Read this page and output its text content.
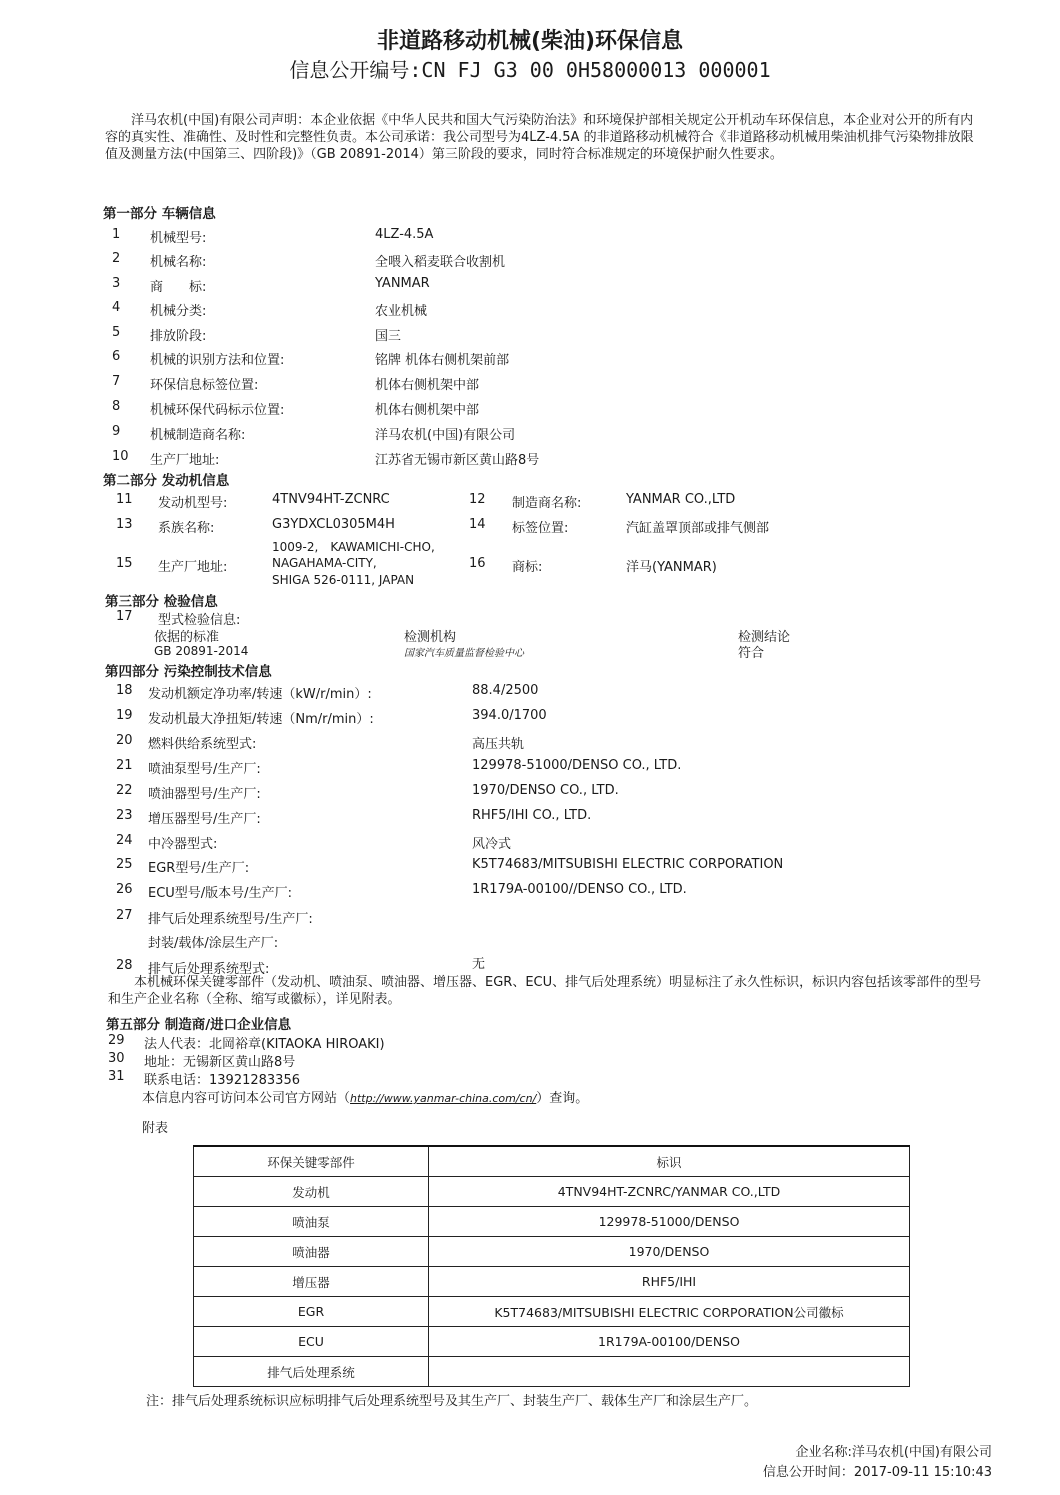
非道路移动机械(柴油)环保信息
信息公开编号:CN FJ G3 00 0H58000013 000001
洋马农机(中国)有限公司声明：本企业依据《中华人民共和国大气污染防治法》和环境保护部相关规定公开机动车环保信息，本企业对公开的所有内容的真实性、准确性、及时性和完整性负责。本公司承诺：我公司型号为4LZ-4.5A 的非道路移动机械符合《非道路移动机械用柴油机排气污染物排放限值及测量方法(中国第三、四阶段)》（GB 20891-2014）第三阶段的要求，同时符合标准规定的环境保护耐久性要求。
第一部分 车辆信息
1 机械型号:	4LZ-4.5A
2 机械名称:	全喂入稻麦联合收割机
3 商　　标:	YANMAR
4 机械分类:	农业机械
5 排放阶段:	国三
6 机械的识别方法和位置:	铭牌 机体右侧机架前部
7 环保信息标签位置:	机体右侧机架中部
8 机械环保代码标示位置:	机体右侧机架中部
9 机械制造商名称:	洋马农机(中国)有限公司
10 生产厂地址:	江苏省无锡市新区黄山路8号
第二部分 发动机信息
11 发动机型号:	4TNV94HT-ZCNRC	12 制造商名称:	YANMAR CO.,LTD
13 系族名称:	G3YDXCL0305M4H	14 标签位置:	汽缸盖罩顶部或排气侧部
15 生产厂地址:
1009-2,　KAWAMICHI-CHO,
NAGAHAMA-CITY,
SHIGA 526-0111, JAPAN
16 商标:	洋马(YANMAR)
第三部分 检验信息
17 型式检验信息:
依据的标准	检测机构	检测结论
GB 20891-2014	国家汽车质量监督检验中心	符合
第四部分 污染控制技术信息
18 发动机额定净功率/转速（kW/r/min）:	88.4/2500
19 发动机最大净扭矩/转速（Nm/r/min）:	394.0/1700
20 燃料供给系统型式:	高压共轨
21 喷油泵型号/生产厂:	129978-51000/DENSO CO., LTD.
22 喷油器型号/生产厂:	1970/DENSO CO., LTD.
23 增压器型号/生产厂:	RHF5/IHI CO., LTD.
24 中冷器型式:	风冷式
25 EGR型号/生产厂:	K5T74683/MITSUBISHI ELECTRIC CORPORATION
26 ECU型号/版本号/生产厂:	1R179A-00100//DENSO CO., LTD.
27 排气后处理系统型号/生产厂:
封装/载体/涂层生产厂:
28 排气后处理系统型式:	无
本机械环保关键零部件（发动机、喷油泵、喷油器、增压器、EGR、ECU、排气后处理系统）明显标注了永久性标识，标识内容包括该零部件的型号和生产企业名称（全称、缩写或徽标），详见附表。
第五部分 制造商/进口企业信息
29 法人代表：北岡裕章(KITAOKA HIROAKI)
30 地址：无锡新区黄山路8号
31 联系电话：13921283356
本信息内容可访问本公司官方网站（http://www.yanmar-china.com/cn/）查询。
附表
环保关键零部件	标识
发动机	4TNV94HT-ZCNRC/YANMAR CO.,LTD
喷油泵	129978-51000/DENSO
喷油器	1970/DENSO
增压器	RHF5/IHI
EGR	K5T74683/MITSUBISHI ELECTRIC CORPORATION公司徽标
ECU	1R179A-00100/DENSO
排气后处理系统	
注：排气后处理系统标识应标明排气后处理系统型号及其生产厂、封装生产厂、载体生产厂和涂层生产厂。
企业名称:洋马农机(中国)有限公司
信息公开时间：2017-09-11 15:10:43
